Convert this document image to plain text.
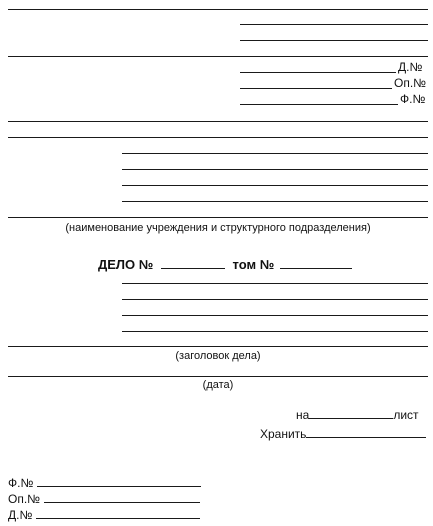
Д.№
Оп.№
Ф.№
(наименование учреждения и структурного подразделения)
ДЕЛО №	том №
(заголовок дела)
(дата)
на	лист
Хранить
Ф.№
Оп.№
Д.№
